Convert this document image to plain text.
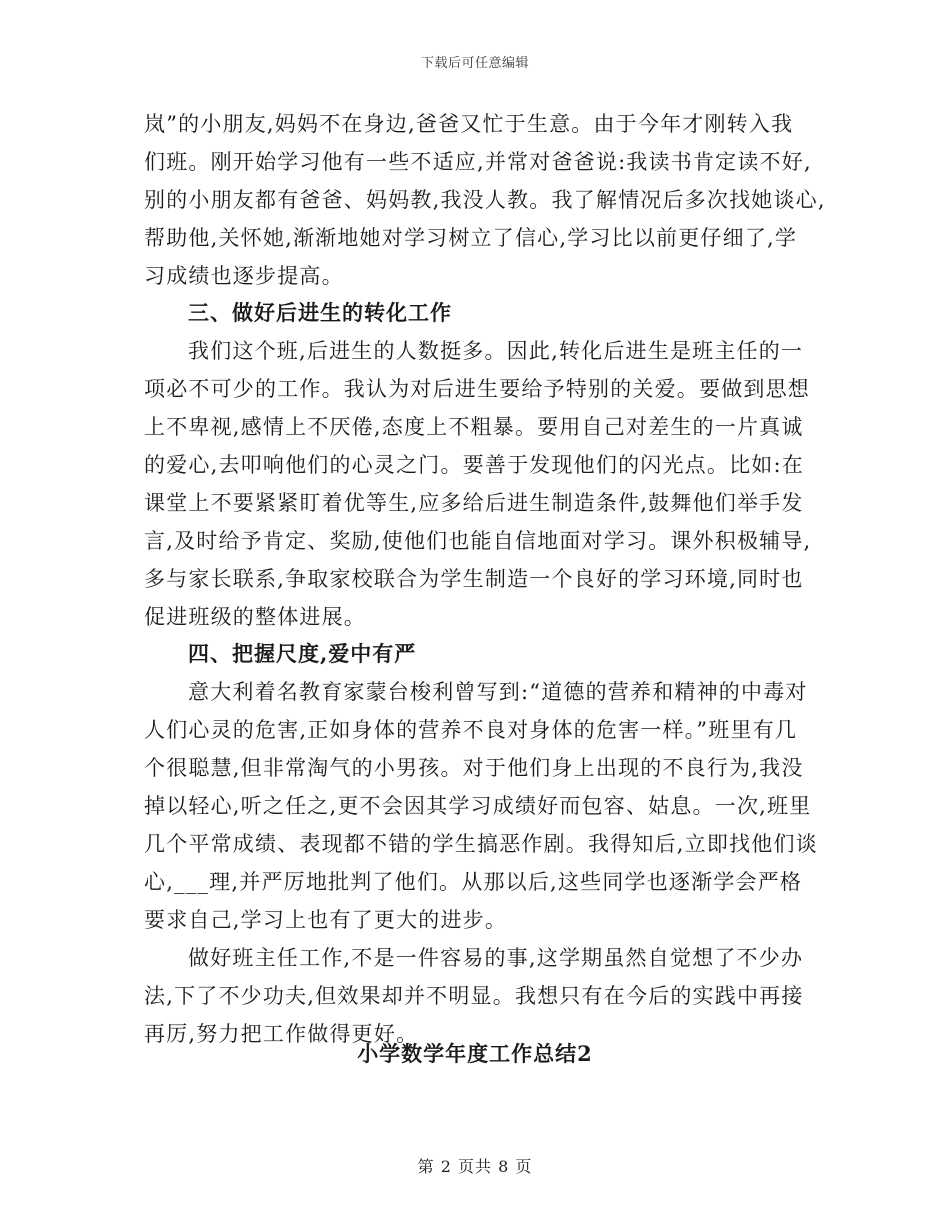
下载后可任意编辑
岚”的小朋友,妈妈不在身边,爸爸又忙于生意。由于今年才刚转入我
们班。刚开始学习他有一些不适应,并常对爸爸说:我读书肯定读不好,
别的小朋友都有爸爸、妈妈教,我没人教。我了解情况后多次找她谈心,
帮助他,关怀她,渐渐地她对学习树立了信心,学习比以前更仔细了,学
习成绩也逐步提高。
三、做好后进生的转化工作
我们这个班,后进生的人数挺多。因此,转化后进生是班主任的一
项必不可少的工作。我认为对后进生要给予特别的关爱。要做到思想
上不卑视,感情上不厌倦,态度上不粗暴。要用自己对差生的一片真诚
的爱心,去叩响他们的心灵之门。要善于发现他们的闪光点。比如:在
课堂上不要紧紧盯着优等生,应多给后进生制造条件,鼓舞他们举手发
言,及时给予肯定、奖励,使他们也能自信地面对学习。课外积极辅导,
多与家长联系,争取家校联合为学生制造一个良好的学习环境,同时也
促进班级的整体进展。
四、把握尺度,爱中有严
意大利着名教育家蒙台梭利曾写到:“道德的营养和精神的中毒对
人们心灵的危害,正如身体的营养不良对身体的危害一样。”班里有几
个很聪慧,但非常淘气的小男孩。对于他们身上出现的不良行为,我没
掉以轻心,听之任之,更不会因其学习成绩好而包容、姑息。一次,班里
几个平常成绩、表现都不错的学生搞恶作剧。我得知后,立即找他们谈
心,___理,并严厉地批判了他们。从那以后,这些同学也逐渐学会严格
要求自己,学习上也有了更大的进步。
做好班主任工作,不是一件容易的事,这学期虽然自觉想了不少办
法,下了不少功夫,但效果却并不明显。我想只有在今后的实践中再接
再厉,努力把工作做得更好。
小学数学年度工作总结2
第 2 页共 8 页
